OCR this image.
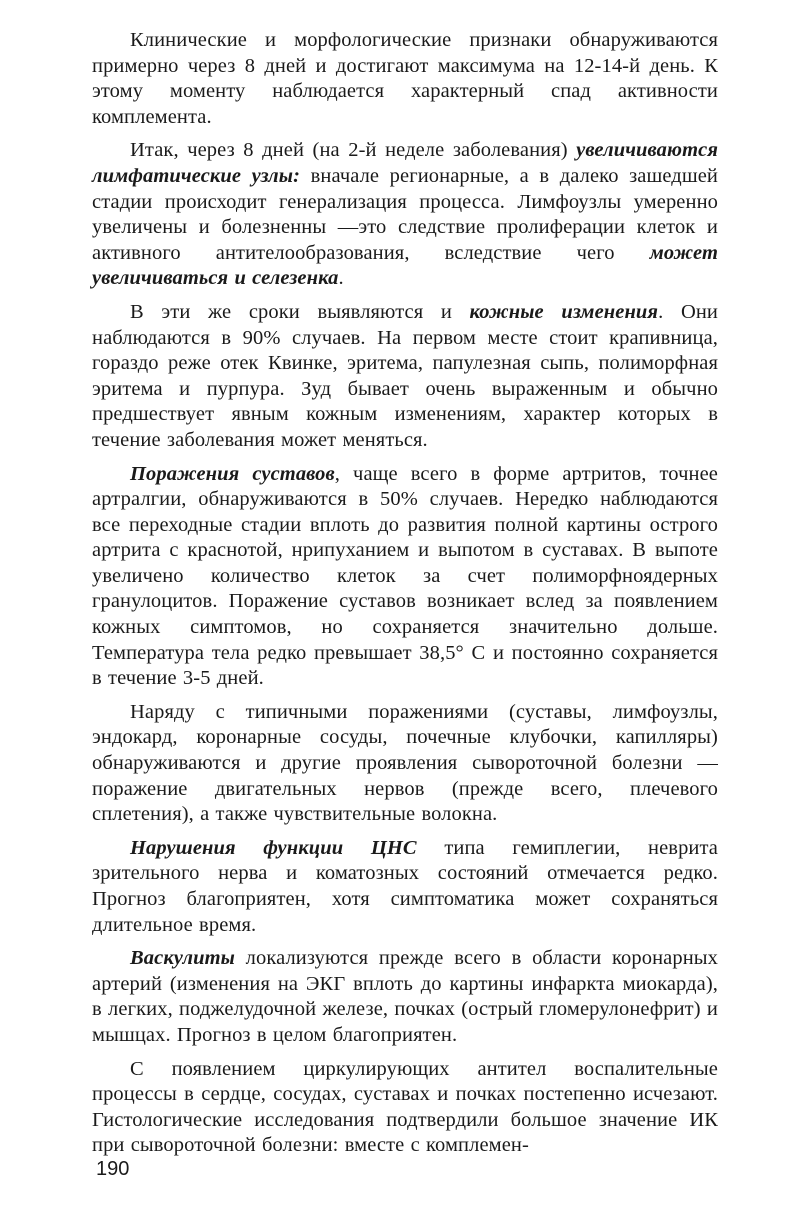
Клинические и морфологические признаки обнаруживаются примерно через 8 дней и достигают максимума на 12-14-й день. К этому моменту наблюдается характерный спад активности комплемента.

Итак, через 8 дней (на 2-й неделе заболевания) увеличиваются лимфатические узлы: вначале регионарные, а в далеко зашедшей стадии происходит генерализация процесса. Лимфоузлы умеренно увеличены и болезненны —это следствие пролиферации клеток и активного антителообразования, вследствие чего может увеличиваться и селезенка.

В эти же сроки выявляются и кожные изменения. Они наблюдаются в 90% случаев. На первом месте стоит крапивница, гораздо реже отек Квинке, эритема, папулезная сыпь, полиморфная эритема и пурпура. Зуд бывает очень выраженным и обычно предшествует явным кожным изменениям, характер которых в течение заболевания может меняться.

Поражения суставов, чаще всего в форме артритов, точнее артралгии, обнаруживаются в 50% случаев. Нередко наблюдаются все переходные стадии вплоть до развития полной картины острого артрита с краснотой, нрипуханием и выпотом в суставах. В выпоте увеличено количество клеток за счет полиморфноядерных гранулоцитов. Поражение суставов возникает вслед за появлением кожных симптомов, но сохраняется значительно дольше. Температура тела редко превышает 38,5° С и постоянно сохраняется в течение 3-5 дней.

Наряду с типичными поражениями (суставы, лимфоузлы, эндокард, коронарные сосуды, почечные клубочки, капилляры) обнаруживаются и другие проявления сывороточной болезни — поражение двигательных нервов (прежде всего, плечевого сплетения), а также чувствительные волокна.

Нарушения функции ЦНС типа гемиплегии, неврита зрительного нерва и коматозных состояний отмечается редко. Прогноз благоприятен, хотя симптоматика может сохраняться длительное время.

Васкулиты локализуются прежде всего в области коронарных артерий (изменения на ЭКГ вплоть до картины инфаркта миокарда), в легких, поджелудочной железе, почках (острый гломерулонефрит) и мышцах. Прогноз в целом благоприятен.

С появлением циркулирующих антител воспалительные процессы в сердце, сосудах, суставах и почках постепенно исчезают. Гистологические исследования подтвердили большое значение ИК при сывороточной болезни: вместе с комплемен-

190
